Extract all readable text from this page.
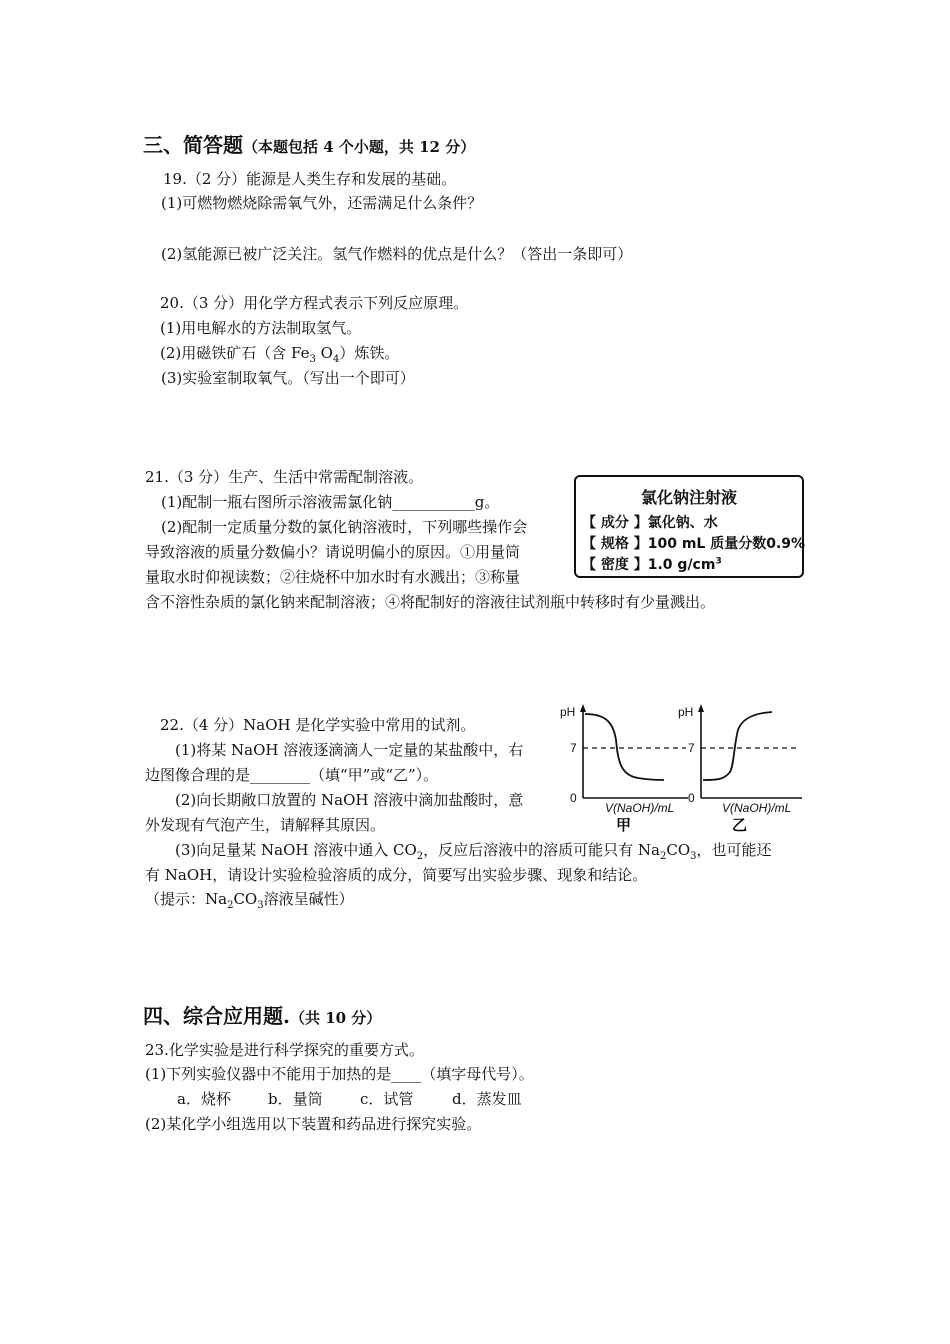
三、简答题（本题包括 4 个小题，共 12 分）
19.（2 分）能源是人类生存和发展的基础。
(1)可燃物燃烧除需氧气外，还需满足什么条件？
(2)氢能源已被广泛关注。氢气作燃料的优点是什么？（答出一条即可）
20.（3 分）用化学方程式表示下列反应原理。
(1)用电解水的方法制取氢气。
(2)用磁铁矿石（含 $Fe_3$ $O_4$）炼铁。
(3)实验室制取氧气。（写出一个即可）
21.（3 分）生产、生活中常需配制溶液。
(1)配制一瓶右图所示溶液需氯化钠___________g。
(2)配制一定质量分数的氯化钠溶液时，下列哪些操作会
导致溶液的质量分数偏小？请说明偏小的原因。①用量筒
量取水时仰视读数；②往烧杯中加水时有水溅出；③称量
含不溶性杂质的氯化钠来配制溶液；④将配制好的溶液往试剂瓶中转移时有少量溅出。
氯化钠注射液
【 成分 】氯化钠、水
【 规格 】100 mL 质量分数0.9%
【 密度 】1.0 $g/cm^3$
22.（4 分）NaOH 是化学实验中常用的试剂。
(1)将某 NaOH 溶液逐滴滴人一定量的某盐酸中，右
边图像合理的是________（填“甲”或“乙”）。
(2)向长期敞口放置的 NaOH 溶液中滴加盐酸时，意
外发现有气泡产生，请解释其原因。
(3)向足量某 NaOH 溶液中通入 $CO_2$，反应后溶液中的溶质可能只有 $Na_2CO_3$，也可能还
有 NaOH，请设计实验检验溶质的成分，简要写出实验步骤、现象和结论。
（提示：$Na_2CO_3$溶液呈碱性）
pH
7
0
V(NaOH)/mL
甲
pH
7
0
V(NaOH)/mL
乙
四、综合应用题.（共 10 分）
23.化学实验是进行科学探究的重要方式。
(1)下列实验仪器中不能用于加热的是____（填字母代号）。
a．烧杯 b．量筒 c．试管	d．蒸发皿
(2)某化学小组选用以下装置和药品进行探究实验。
